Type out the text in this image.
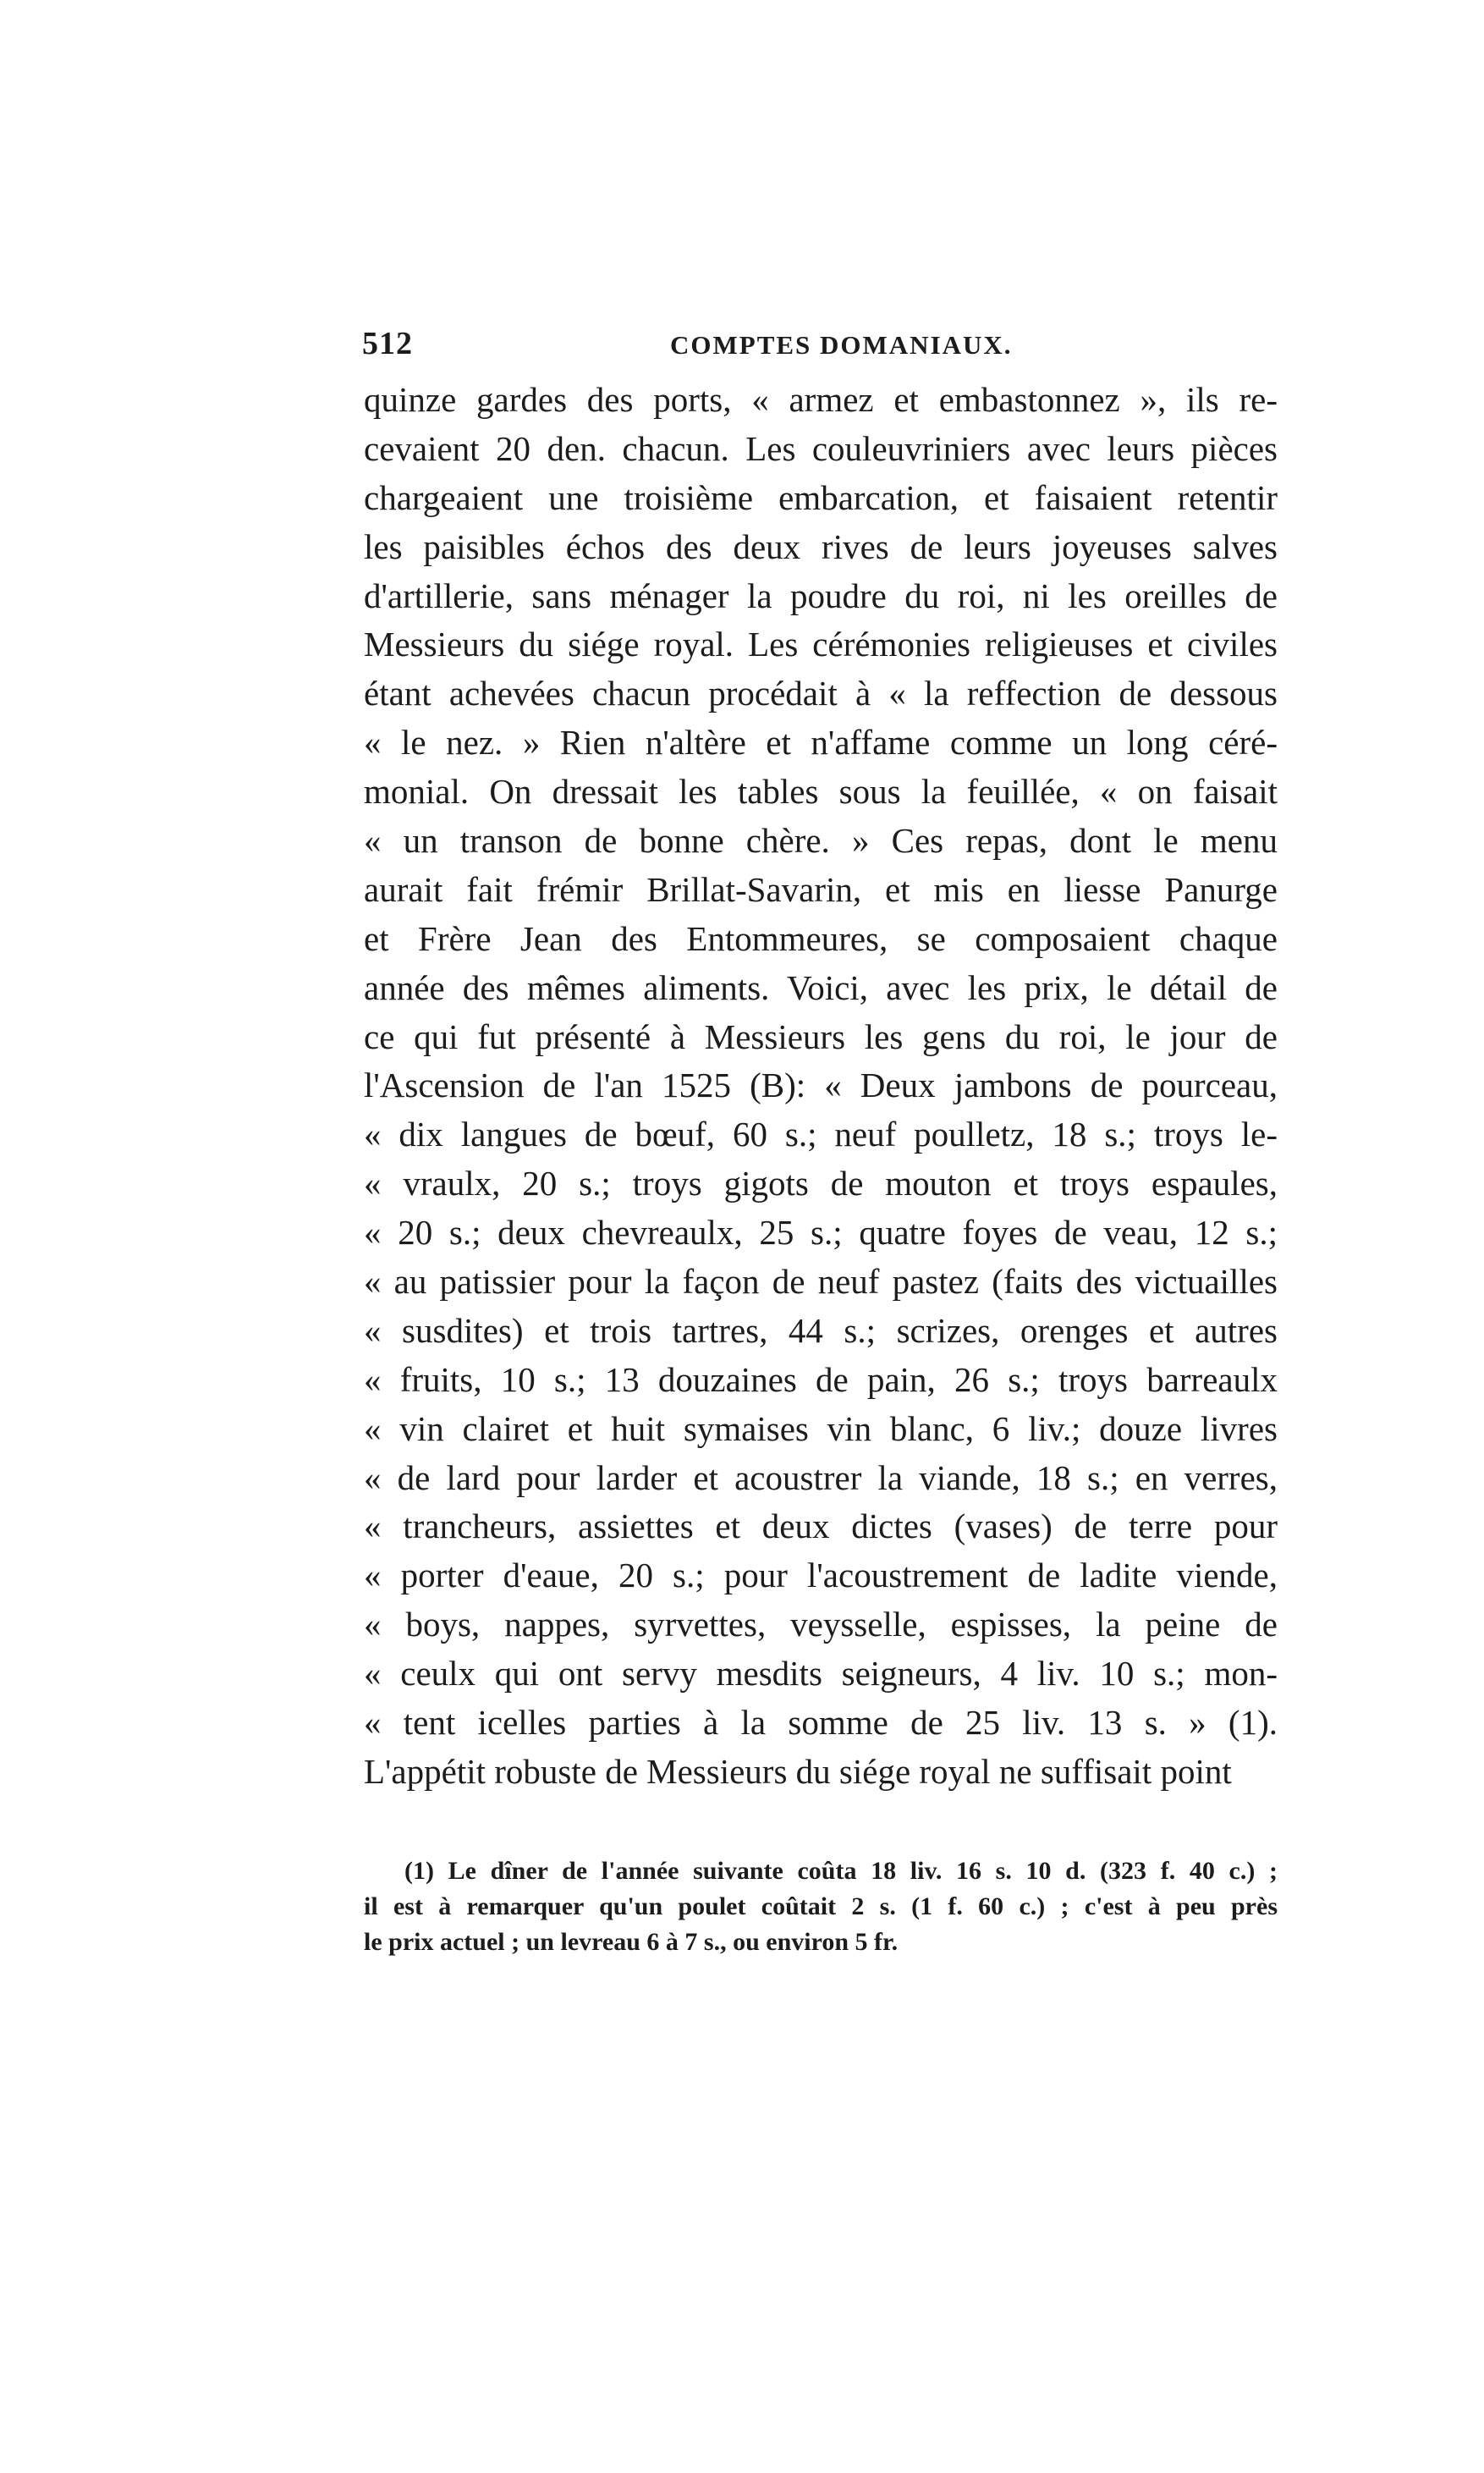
512	COMPTES DOMANIAUX.
quinze gardes des ports, « armez et embastonnez », ils re-
cevaient 20 den. chacun. Les couleuvriniers avec leurs pièces
chargeaient une troisième embarcation, et faisaient retentir
les paisibles échos des deux rives de leurs joyeuses salves
d'artillerie, sans ménager la poudre du roi, ni les oreilles de
Messieurs du siége royal. Les cérémonies religieuses et civiles
étant achevées chacun procédait à « la reffection de dessous
« le nez. » Rien n'altère et n'affame comme un long céré-
monial. On dressait les tables sous la feuillée, « on faisait
« un transon de bonne chère. » Ces repas, dont le menu
aurait fait frémir Brillat-Savarin, et mis en liesse Panurge
et Frère Jean des Entommeures, se composaient chaque
année des mêmes aliments. Voici, avec les prix, le détail de
ce qui fut présenté à Messieurs les gens du roi, le jour de
l'Ascension de l'an 1525 (B): « Deux jambons de pourceau,
« dix langues de bœuf, 60 s.; neuf poulletz, 18 s.; troys le-
« vraulx, 20 s.; troys gigots de mouton et troys espaules,
« 20 s.; deux chevreaulx, 25 s.; quatre foyes de veau, 12 s.;
« au patissier pour la façon de neuf pastez (faits des victuailles
« susdites) et trois tartres, 44 s.; scrizes, orenges et autres
« fruits, 10 s.; 13 douzaines de pain, 26 s.; troys barreaulx
« vin clairet et huit symaises vin blanc, 6 liv.; douze livres
« de lard pour larder et acoustrer la viande, 18 s.; en verres,
« trancheurs, assiettes et deux dictes (vases) de terre pour
« porter d'eaue, 20 s.; pour l'acoustrement de ladite viende,
« boys, nappes, syrvettes, veysselle, espisses, la peine de
« ceulx qui ont servy mesdits seigneurs, 4 liv. 10 s.; mon-
« tent icelles parties à la somme de 25 liv. 13 s. » (1).
L'appétit robuste de Messieurs du siége royal ne suffisait point
(1) Le dîner de l'année suivante coûta 18 liv. 16 s. 10 d. (323 f. 40 c.) ;
il est à remarquer qu'un poulet coûtait 2 s. (1 f. 60 c.) ; c'est à peu près
le prix actuel ; un levreau 6 à 7 s., ou environ 5 fr.
